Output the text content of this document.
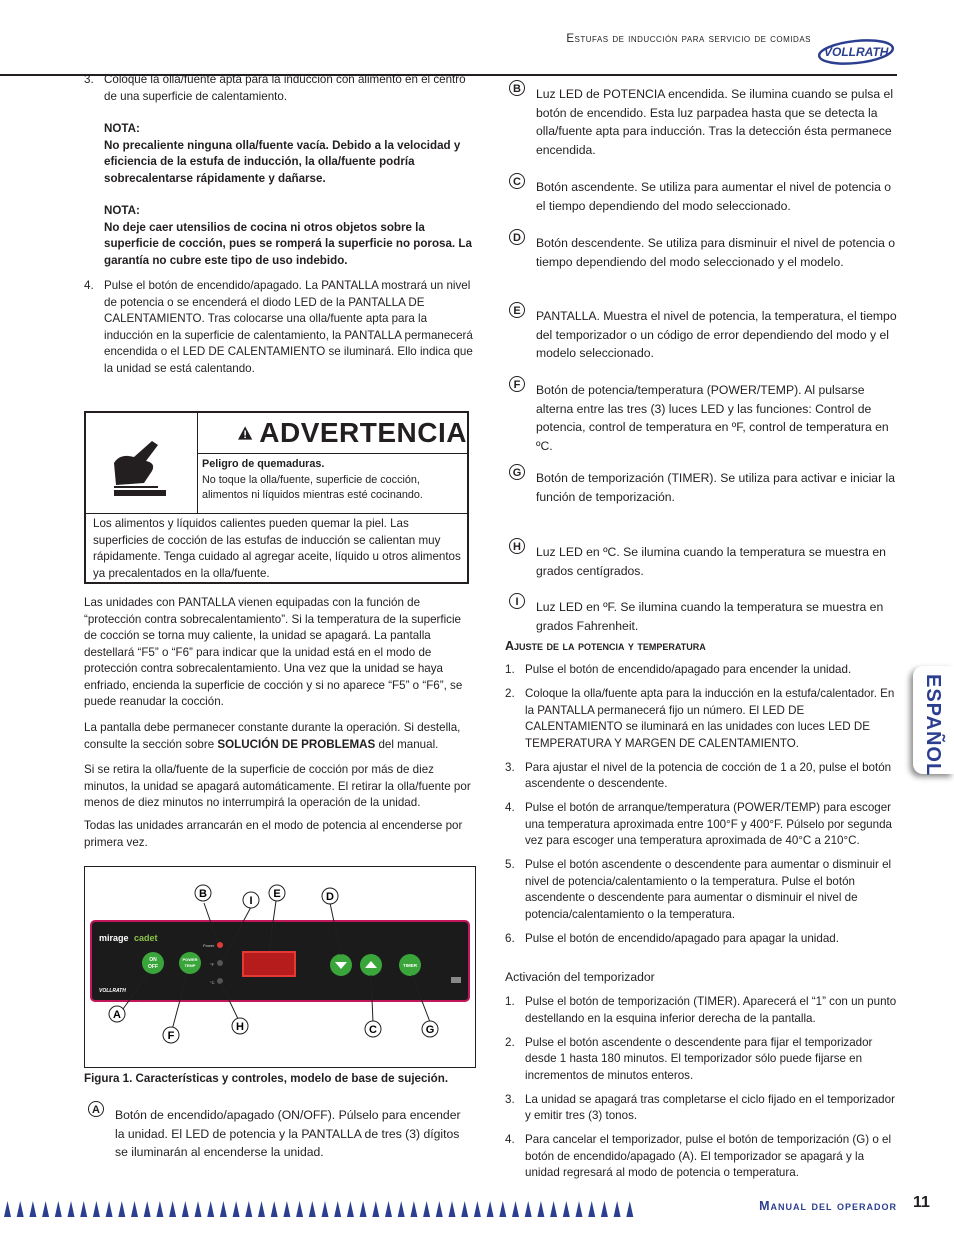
Estufas de inducción para servicio de comidas
VOLLRATH
3. Coloque la olla/fuente apta para la inducción con alimento en el centro de una superficie de calentamiento.
NOTA:
No precaliente ninguna olla/fuente vacía. Debido a la velocidad y eficiencia de la estufa de inducción, la olla/fuente podría sobrecalentarse rápidamente y dañarse.
NOTA:
No deje caer utensilios de cocina ni otros objetos sobre la superficie de cocción, pues se romperá la superficie no porosa. La garantía no cubre este tipo de uso indebido.
4. Pulse el botón de encendido/apagado. La PANTALLA mostrará un nivel de potencia o se encenderá el diodo LED de la PANTALLA DE CALENTAMIENTO. Tras colocarse una olla/fuente apta para la inducción en la superficie de calentamiento, la PANTALLA permanecerá encendida o el LED DE CALENTAMIENTO se iluminará. Ello indica que la unidad se está calentando.
ADVERTENCIA
Peligro de quemaduras.
No toque la olla/fuente, superficie de cocción, alimentos ni líquidos mientras esté cocinando.
Los alimentos y líquidos calientes pueden quemar la piel. Las superficies de cocción de las estufas de inducción se calientan muy rápidamente. Tenga cuidado al agregar aceite, líquido u otros alimentos ya precalentados en la olla/fuente.
Las unidades con PANTALLA vienen equipadas con la función de “protección contra sobrecalentamiento”. Si la temperatura de la superficie de cocción se torna muy caliente, la unidad se apagará. La pantalla destellará “F5” o “F6” para indicar que la unidad está en el modo de protección contra sobrecalentamiento. Una vez que la unidad se haya enfriado, encienda la superficie de cocción y si no aparece “F5” o “F6”, se puede reanudar la cocción.
La pantalla debe permanecer constante durante la operación. Si destella, consulte la sección sobre SOLUCIÓN DE PROBLEMAS del manual.
Si se retira la olla/fuente de la superficie de cocción por más de diez minutos, la unidad se apagará automáticamente. El retirar la olla/fuente por menos de diez minutos no interrumpirá la operación de la unidad.
Todas las unidades arrancarán en el modo de potencia al encenderse por primera vez.
mirage cadet
ON
OFF
POWER
TEMP
Power
°F
°C
TIMER
VOLLRATH
B
I
E	D
A
F
H	C	G
Figura 1. Características y controles, modelo de base de sujeción.
A	Botón de encendido/apagado (ON/OFF). Púlselo para encender la unidad. El LED de potencia y la PANTALLA de tres (3) dígitos se iluminarán al encenderse la unidad.
B	Luz LED de POTENCIA encendida. Se ilumina cuando se pulsa el botón de encendido. Esta luz parpadea hasta que se detecta la olla/fuente apta para inducción. Tras la detección ésta permanece encendida.
C	Botón ascendente. Se utiliza para aumentar el nivel de potencia o el tiempo dependiendo del modo seleccionado.
D	Botón descendente. Se utiliza para disminuir el nivel de potencia o tiempo dependiendo del modo seleccionado y el modelo.
E	PANTALLA. Muestra el nivel de potencia, la temperatura, el tiempo del temporizador o un código de error dependiendo del modo y el modelo seleccionado.
F	Botón de potencia/temperatura (POWER/TEMP). Al pulsarse alterna entre las tres (3) luces LED y las funciones: Control de potencia, control de temperatura en ºF, control de temperatura en ºC.
G	Botón de temporización (TIMER). Se utiliza para activar e iniciar la función de temporización.
H	Luz LED en ºC. Se ilumina cuando la temperatura se muestra en grados centígrados.
I	Luz LED en ºF. Se ilumina cuando la temperatura se muestra en grados Fahrenheit.
Ajuste de la potencia y temperatura
1. Pulse el botón de encendido/apagado para encender la unidad.
2. Coloque la olla/fuente apta para la inducción en la estufa/calentador. En la PANTALLA permanecerá fijo un número. El LED DE CALENTAMIENTO se iluminará en las unidades con luces LED DE TEMPERATURA Y MARGEN DE CALENTAMIENTO.
3. Para ajustar el nivel de la potencia de cocción de 1 a 20, pulse el botón ascendente o descendente.
4. Pulse el botón de arranque/temperatura (POWER/TEMP) para escoger una temperatura aproximada entre 100°F y 400°F. Púlselo por segunda vez para escoger una temperatura aproximada de 40°C a 210°C.
5. Pulse el botón ascendente o descendente para aumentar o disminuir el nivel de potencia/calentamiento o la temperatura. Pulse el botón ascendente o descendente para aumentar o disminuir el nivel de potencia/calentamiento o la temperatura.
6. Pulse el botón de encendido/apagado para apagar la unidad.
Activación del temporizador
1. Pulse el botón de temporización (TIMER). Aparecerá el “1” con un punto destellando en la esquina inferior derecha de la pantalla.
2. Pulse el botón ascendente o descendente para fijar el temporizador desde 1 hasta 180 minutos. El temporizador sólo puede fijarse en incrementos de minutos enteros.
3. La unidad se apagará tras completarse el ciclo fijado en el temporizador y emitir tres (3) tonos.
4. Para cancelar el temporizador, pulse el botón de temporización (G) o el botón de encendido/apagado (A). El temporizador se apagará y la unidad regresará al modo de potencia o temperatura.
ESPAÑOL
Manual del operador 11
